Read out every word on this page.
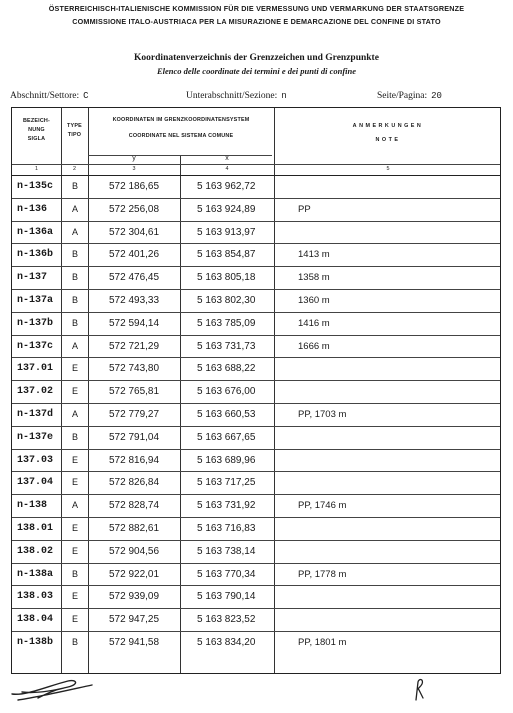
ÖSTERREICHISCH-ITALIENISCHE KOMMISSION FÜR DIE VERMESSUNG UND VERMARKUNG DER STAATSGRENZE
COMMISSIONE ITALO-AUSTRIACA PER LA MISURAZIONE E DEMARCAZIONE DEL CONFINE DI STATO
Koordinatenverzeichnis der Grenzzeichen und Grenzpunkte
Elenco delle coordinate dei termini e dei punti di confine
Abschnitt/Settore: C	Unterabschnitt/Sezione: n	Seite/Pagina: 20
BEZEICH-
NUNG
SIGLA
TYPE
TIPO
KOORDINATEN IM GRENZKOORDINATENSYSTEM
COORDINATE NEL SISTEMA COMUNE
y	x
ANMERKUNGEN
NOTE
1	2	3	4	5
n-135c	B	572 186,65	5 163 962,72
n-136	A	572 256,08	5 163 924,89	PP
n-136a	A	572 304,61	5 163 913,97
n-136b	B	572 401,26	5 163 854,87	1413 m
n-137	B	572 476,45	5 163 805,18	1358 m
n-137a	B	572 493,33	5 163 802,30	1360 m
n-137b	B	572 594,14	5 163 785,09	1416 m
n-137c	A	572 721,29	5 163 731,73	1666 m
137.01	E	572 743,80	5 163 688,22
137.02	E	572 765,81	5 163 676,00
n-137d	A	572 779,27	5 163 660,53	PP, 1703 m
n-137e	B	572 791,04	5 163 667,65
137.03	E	572 816,94	5 163 689,96
137.04	E	572 826,84	5 163 717,25
n-138	A	572 828,74	5 163 731,92	PP, 1746 m
138.01	E	572 882,61	5 163 716,83
138.02	E	572 904,56	5 163 738,14
n-138a	B	572 922,01	5 163 770,34	PP, 1778 m
138.03	E	572 939,09	5 163 790,14
138.04	E	572 947,25	5 163 823,52
n-138b	B	572 941,58	5 163 834,20	PP, 1801 m
